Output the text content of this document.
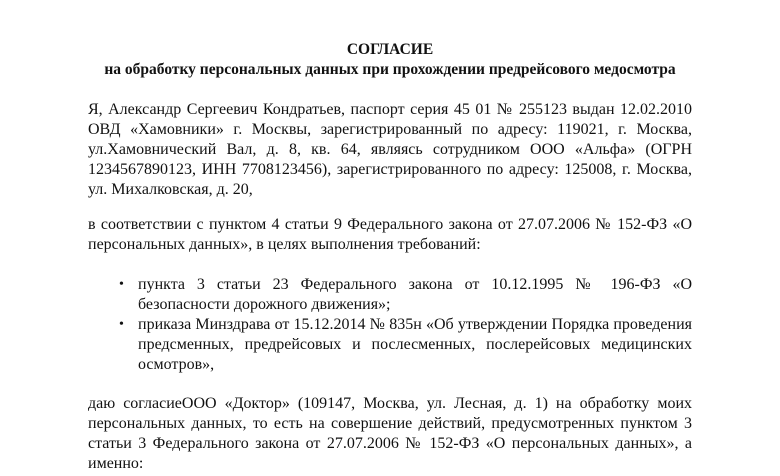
СОГЛАСИЕ
на обработку персональных данных при прохождении предрейсового медосмотра

Я, Александр Сергеевич Кондратьев, паспорт серия 45 01 № 255123 выдан 12.02.2010 ОВД «Хамовники» г. Москвы, зарегистрированный по адресу: 119021, г. Москва, ул.Хамовнический Вал, д. 8, кв. 64, являясь сотрудником ООО «Альфа» (ОГРН 1234567890123, ИНН 7708123456), зарегистрированного по адресу: 125008, г. Москва, ул. Михалковская, д. 20,

в соответствии с пунктом 4 статьи 9 Федерального закона от 27.07.2006 № 152-ФЗ «О персональных данных», в целях выполнения требований:

• пункта 3 статьи 23 Федерального закона от 10.12.1995 № 196-ФЗ «О безопасности дорожного движения»;
• приказа Минздрава от 15.12.2014 № 835н «Об утверждении Порядка проведения предсменных, предрейсовых и послесменных, послерейсовых медицинских осмотров»,

даю согласиеООО «Доктор» (109147, Москва, ул. Лесная, д. 1) на обработку моих персональных данных, то есть на совершение действий, предусмотренных пунктом 3 статьи 3 Федерального закона от 27.07.2006 № 152-ФЗ «О персональных данных», а именно:
